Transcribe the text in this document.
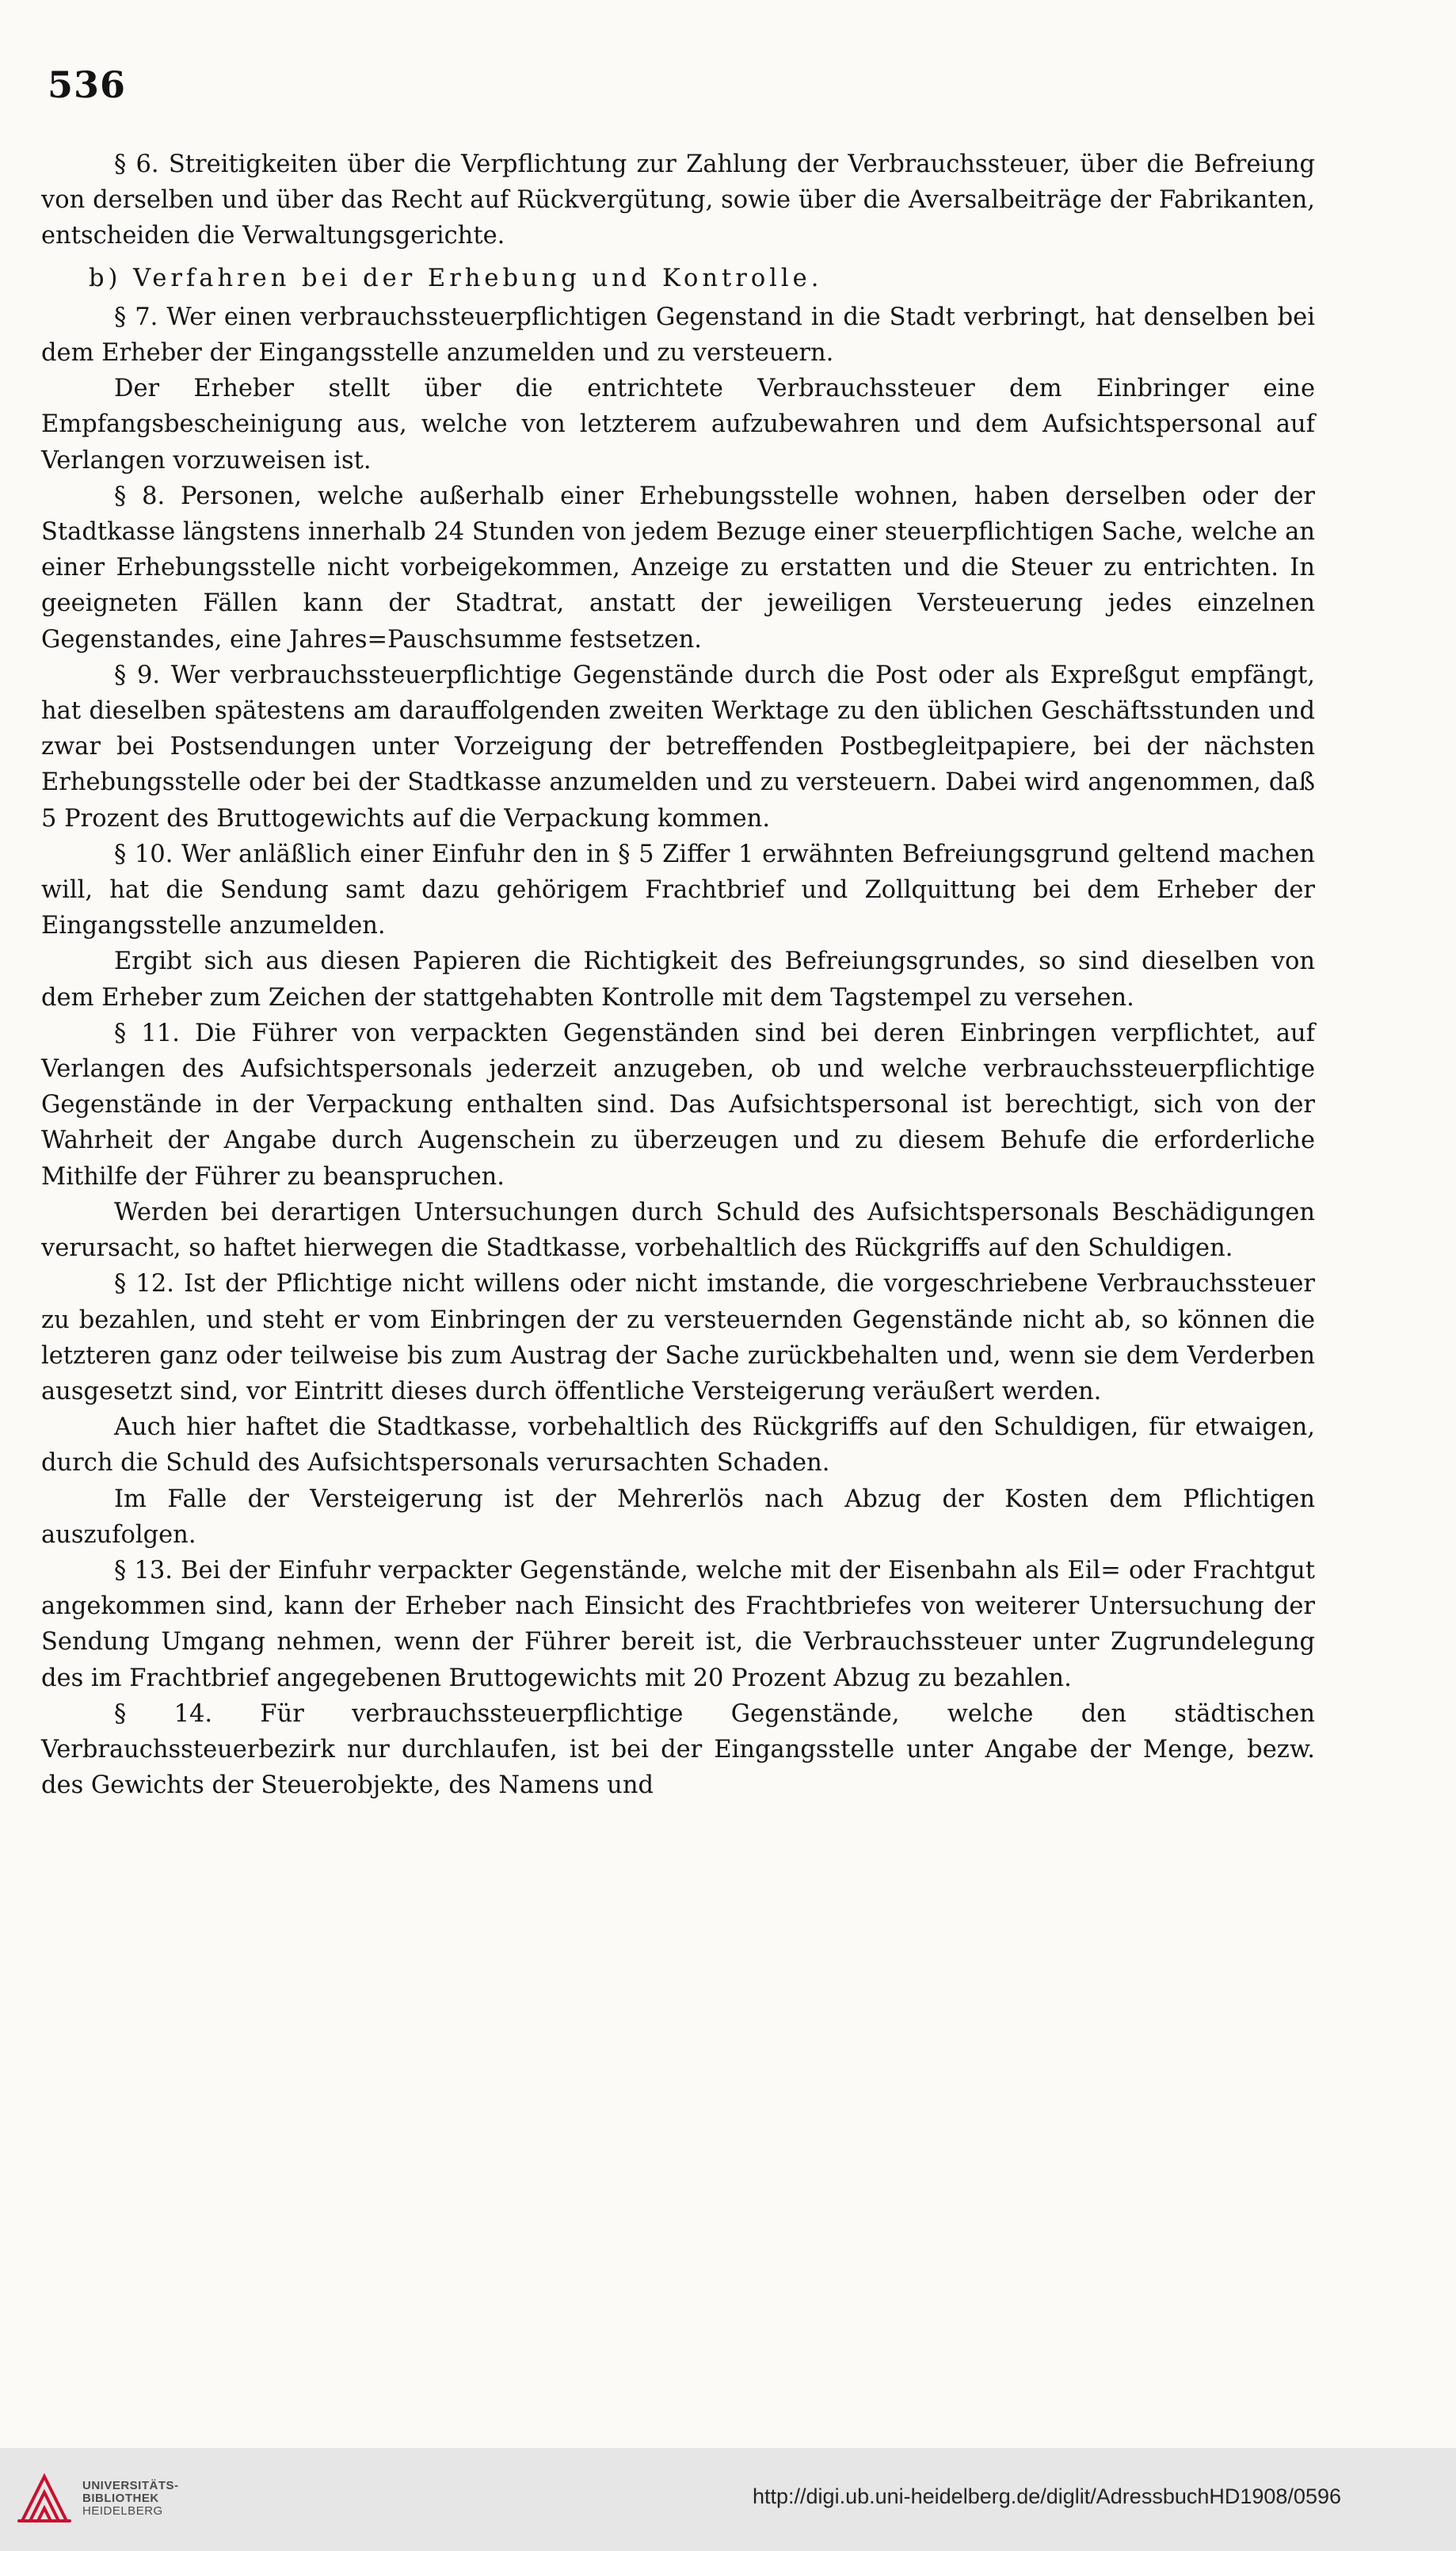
536

§ 6. Streitigkeiten über die Verpflichtung zur Zahlung der Verbrauchssteuer, über die Befreiung von derselben und über das Recht auf Rückvergütung, sowie über die Aversalbeiträge der Fabrikanten, entscheiden die Verwaltungsgerichte.

b) Verfahren bei der Erhebung und Kontrolle.

§ 7. Wer einen verbrauchssteuerpflichtigen Gegenstand in die Stadt verbringt, hat denselben bei dem Erheber der Eingangsstelle anzumelden und zu versteuern.

Der Erheber stellt über die entrichtete Verbrauchssteuer dem Einbringer eine Empfangsbescheinigung aus, welche von letzterem aufzubewahren und dem Aufsichtspersonal auf Verlangen vorzuweisen ist.

§ 8. Personen, welche außerhalb einer Erhebungsstelle wohnen, haben derselben oder der Stadtkasse längstens innerhalb 24 Stunden von jedem Bezuge einer steuerpflichtigen Sache, welche an einer Erhebungsstelle nicht vorbeigekommen, Anzeige zu erstatten und die Steuer zu entrichten. In geeigneten Fällen kann der Stadtrat, anstatt der jeweiligen Versteuerung jedes einzelnen Gegenstandes, eine Jahres=Pauschsumme festsetzen.

§ 9. Wer verbrauchssteuerpflichtige Gegenstände durch die Post oder als Expreßgut empfängt, hat dieselben spätestens am darauffolgenden zweiten Werktage zu den üblichen Geschäftsstunden und zwar bei Postsendungen unter Vorzeigung der betreffenden Postbegleitpapiere, bei der nächsten Erhebungsstelle oder bei der Stadtkasse anzumelden und zu versteuern. Dabei wird angenommen, daß 5 Prozent des Bruttogewichts auf die Verpackung kommen.

§ 10. Wer anläßlich einer Einfuhr den in § 5 Ziffer 1 erwähnten Befreiungsgrund geltend machen will, hat die Sendung samt dazu gehörigem Frachtbrief und Zollquittung bei dem Erheber der Eingangsstelle anzumelden.

Ergibt sich aus diesen Papieren die Richtigkeit des Befreiungsgrundes, so sind dieselben von dem Erheber zum Zeichen der stattgehabten Kontrolle mit dem Tagstempel zu versehen.

§ 11. Die Führer von verpackten Gegenständen sind bei deren Einbringen verpflichtet, auf Verlangen des Aufsichtspersonals jederzeit anzugeben, ob und welche verbrauchssteuerpflichtige Gegenstände in der Verpackung enthalten sind. Das Aufsichtspersonal ist berechtigt, sich von der Wahrheit der Angabe durch Augenschein zu überzeugen und zu diesem Behufe die erforderliche Mithilfe der Führer zu beanspruchen.

Werden bei derartigen Untersuchungen durch Schuld des Aufsichtspersonals Beschädigungen verursacht, so haftet hierwegen die Stadtkasse, vorbehaltlich des Rückgriffs auf den Schuldigen.

§ 12. Ist der Pflichtige nicht willens oder nicht imstande, die vorgeschriebene Verbrauchssteuer zu bezahlen, und steht er vom Einbringen der zu versteuernden Gegenstände nicht ab, so können die letzteren ganz oder teilweise bis zum Austrag der Sache zurückbehalten und, wenn sie dem Verderben ausgesetzt sind, vor Eintritt dieses durch öffentliche Versteigerung veräußert werden.

Auch hier haftet die Stadtkasse, vorbehaltlich des Rückgriffs auf den Schuldigen, für etwaigen, durch die Schuld des Aufsichtspersonals verursachten Schaden.

Im Falle der Versteigerung ist der Mehrerlös nach Abzug der Kosten dem Pflichtigen auszufolgen.

§ 13. Bei der Einfuhr verpackter Gegenstände, welche mit der Eisenbahn als Eil= oder Frachtgut angekommen sind, kann der Erheber nach Einsicht des Frachtbriefes von weiterer Untersuchung der Sendung Umgang nehmen, wenn der Führer bereit ist, die Verbrauchssteuer unter Zugrundelegung des im Frachtbrief angegebenen Bruttogewichts mit 20 Prozent Abzug zu bezahlen.

§ 14. Für verbrauchssteuerpflichtige Gegenstände, welche den städtischen Verbrauchssteuerbezirk nur durchlaufen, ist bei der Eingangsstelle unter Angabe der Menge, bezw. des Gewichts der Steuerobjekte, des Namens und

UNIVERSITÄTS-
BIBLIOTHEK
HEIDELBERG
http://digi.ub.uni-heidelberg.de/diglit/AdressbuchHD1908/0596
